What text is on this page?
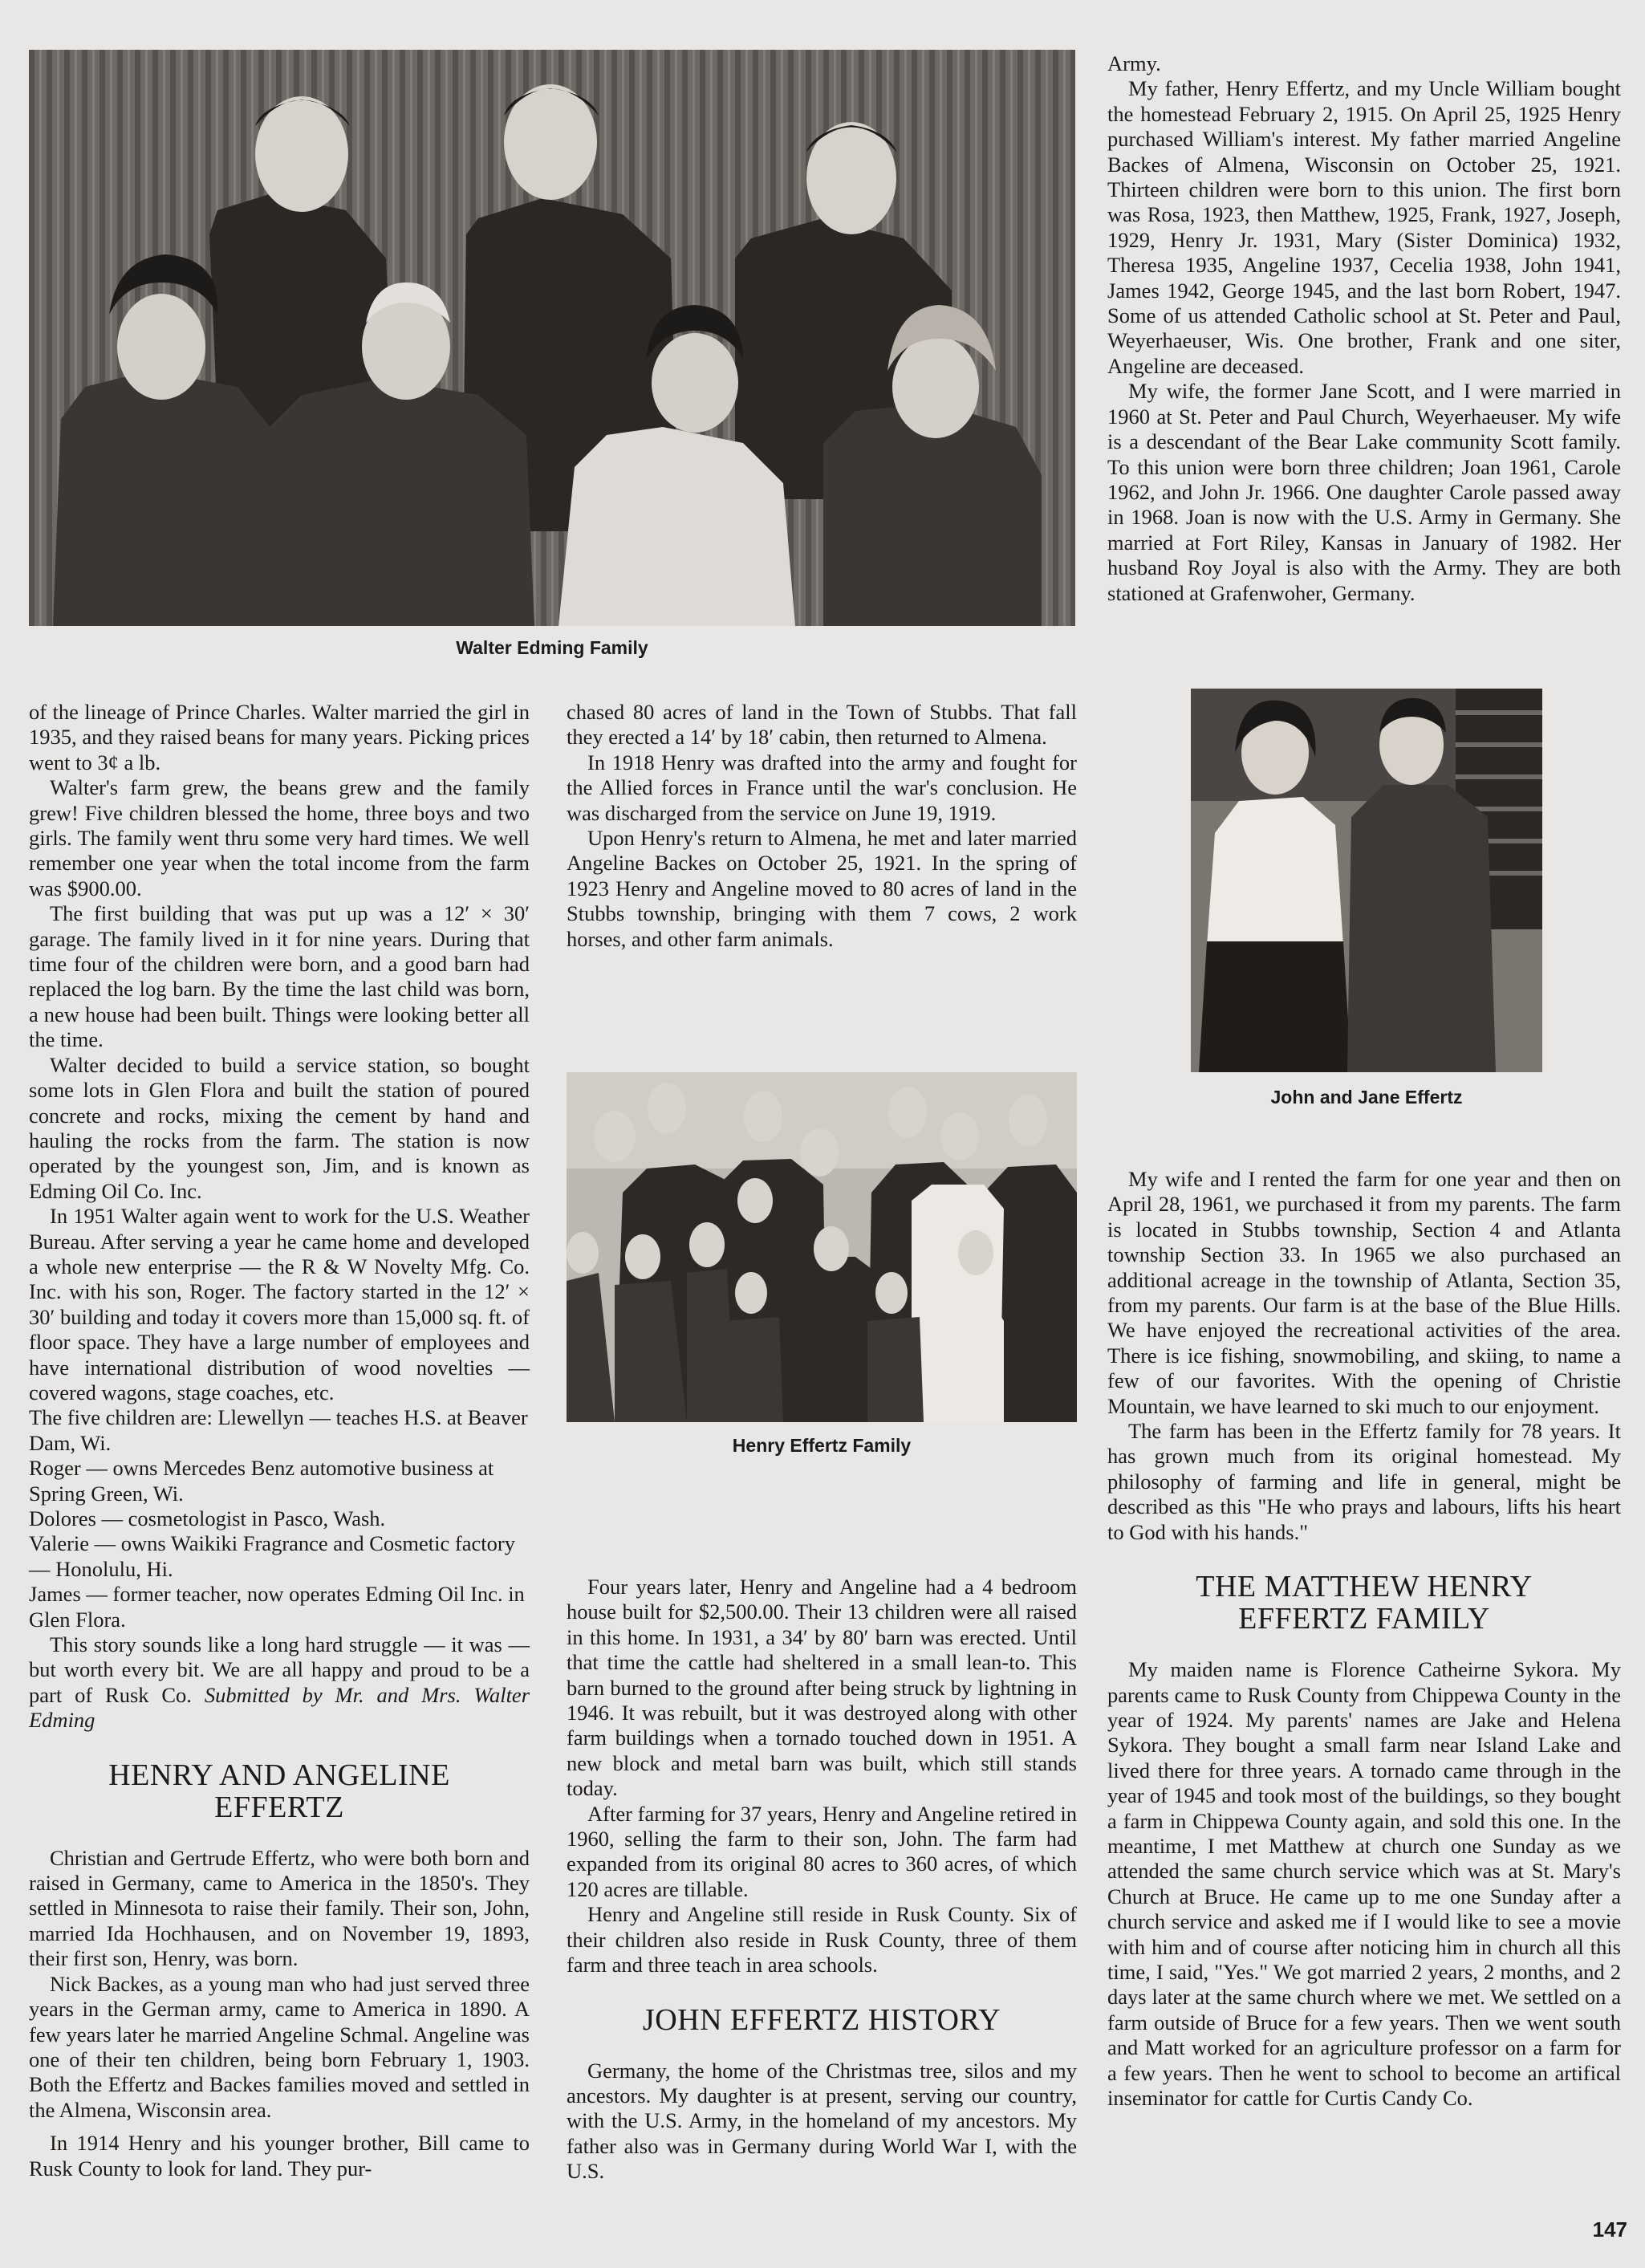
Walter Edming Family
Henry Effertz Family
John and Jane Effertz

of the lineage of Prince Charles. Walter married the girl in 1935, and they raised beans for many years. Picking prices went to 3¢ a lb.

Walter's farm grew, the beans grew and the family grew! Five children blessed the home, three boys and two girls. The family went thru some very hard times. We well remember one year when the total income from the farm was $900.00.

The first building that was put up was a 12′ × 30′ garage. The family lived in it for nine years. During that time four of the children were born, and a good barn had replaced the log barn. By the time the last child was born, a new house had been built. Things were looking better all the time.

Walter decided to build a service station, so bought some lots in Glen Flora and built the station of poured concrete and rocks, mixing the cement by hand and hauling the rocks from the farm. The station is now operated by the youngest son, Jim, and is known as Edming Oil Co. Inc.

In 1951 Walter again went to work for the U.S. Weather Bureau. After serving a year he came home and developed a whole new enterprise — the R & W Novelty Mfg. Co. Inc. with his son, Roger. The factory started in the 12′ × 30′ building and today it covers more than 15,000 sq. ft. of floor space. They have a large number of employees and have international distribution of wood novelties — covered wagons, stage coaches, etc.

The five children are: Llewellyn — teaches H.S. at Beaver Dam, Wi.

Roger — owns Mercedes Benz automotive business at Spring Green, Wi.

Dolores — cosmetologist in Pasco, Wash.

Valerie — owns Waikiki Fragrance and Cosmetic factory — Honolulu, Hi.

James — former teacher, now operates Edming Oil Inc. in Glen Flora.

This story sounds like a long hard struggle — it was — but worth every bit. We are all happy and proud to be a part of Rusk Co. Submitted by Mr. and Mrs. Walter Edming

HENRY AND ANGELINE EFFERTZ

Christian and Gertrude Effertz, who were both born and raised in Germany, came to America in the 1850's. They settled in Minnesota to raise their family. Their son, John, married Ida Hochhausen, and on November 19, 1893, their first son, Henry, was born.

Nick Backes, as a young man who had just served three years in the German army, came to America in 1890. A few years later he married Angeline Schmal. Angeline was one of their ten children, being born February 1, 1903. Both the Effertz and Backes families moved and settled in the Almena, Wisconsin area.

In 1914 Henry and his younger brother, Bill came to Rusk County to look for land. They pur-

chased 80 acres of land in the Town of Stubbs. That fall they erected a 14′ by 18′ cabin, then returned to Almena.

In 1918 Henry was drafted into the army and fought for the Allied forces in France until the war's conclusion. He was discharged from the service on June 19, 1919.

Upon Henry's return to Almena, he met and later married Angeline Backes on October 25, 1921. In the spring of 1923 Henry and Angeline moved to 80 acres of land in the Stubbs township, bringing with them 7 cows, 2 work horses, and other farm animals.

Four years later, Henry and Angeline had a 4 bedroom house built for $2,500.00. Their 13 children were all raised in this home. In 1931, a 34′ by 80′ barn was erected. Until that time the cattle had sheltered in a small lean-to. This barn burned to the ground after being struck by lightning in 1946. It was rebuilt, but it was destroyed along with other farm buildings when a tornado touched down in 1951. A new block and metal barn was built, which still stands today.

After farming for 37 years, Henry and Angeline retired in 1960, selling the farm to their son, John. The farm had expanded from its original 80 acres to 360 acres, of which 120 acres are tillable.

Henry and Angeline still reside in Rusk County. Six of their children also reside in Rusk County, three of them farm and three teach in area schools.

JOHN EFFERTZ HISTORY

Germany, the home of the Christmas tree, silos and my ancestors. My daughter is at present, serving our country, with the U.S. Army, in the homeland of my ancestors. My father also was in Germany during World War I, with the U.S.

Army.

My father, Henry Effertz, and my Uncle William bought the homestead February 2, 1915. On April 25, 1925 Henry purchased William's interest. My father married Angeline Backes of Almena, Wisconsin on October 25, 1921. Thirteen children were born to this union. The first born was Rosa, 1923, then Matthew, 1925, Frank, 1927, Joseph, 1929, Henry Jr. 1931, Mary (Sister Dominica) 1932, Theresa 1935, Angeline 1937, Cecelia 1938, John 1941, James 1942, George 1945, and the last born Robert, 1947. Some of us attended Catholic school at St. Peter and Paul, Weyerhaeuser, Wis. One brother, Frank and one siter, Angeline are deceased.

My wife, the former Jane Scott, and I were married in 1960 at St. Peter and Paul Church, Weyerhaeuser. My wife is a descendant of the Bear Lake community Scott family. To this union were born three children; Joan 1961, Carole 1962, and John Jr. 1966. One daughter Carole passed away in 1968. Joan is now with the U.S. Army in Germany. She married at Fort Riley, Kansas in January of 1982. Her husband Roy Joyal is also with the Army. They are both stationed at Grafenwoher, Germany.

My wife and I rented the farm for one year and then on April 28, 1961, we purchased it from my parents. The farm is located in Stubbs township, Section 4 and Atlanta township Section 33. In 1965 we also purchased an additional acreage in the township of Atlanta, Section 35, from my parents. Our farm is at the base of the Blue Hills. We have enjoyed the recreational activities of the area. There is ice fishing, snowmobiling, and skiing, to name a few of our favorites. With the opening of Christie Mountain, we have learned to ski much to our enjoyment.

The farm has been in the Effertz family for 78 years. It has grown much from its original homestead. My philosophy of farming and life in general, might be described as this "He who prays and labours, lifts his heart to God with his hands."

THE MATTHEW HENRY EFFERTZ FAMILY

My maiden name is Florence Catheirne Sykora. My parents came to Rusk County from Chippewa County in the year of 1924. My parents' names are Jake and Helena Sykora. They bought a small farm near Island Lake and lived there for three years. A tornado came through in the year of 1945 and took most of the buildings, so they bought a farm in Chippewa County again, and sold this one. In the meantime, I met Matthew at church one Sunday as we attended the same church service which was at St. Mary's Church at Bruce. He came up to me one Sunday after a church service and asked me if I would like to see a movie with him and of course after noticing him in church all this time, I said, "Yes." We got married 2 years, 2 months, and 2 days later at the same church where we met. We settled on a farm outside of Bruce for a few years. Then we went south and Matt worked for an agriculture professor on a farm for a few years. Then he went to school to become an artifical inseminator for cattle for Curtis Candy Co.

147
